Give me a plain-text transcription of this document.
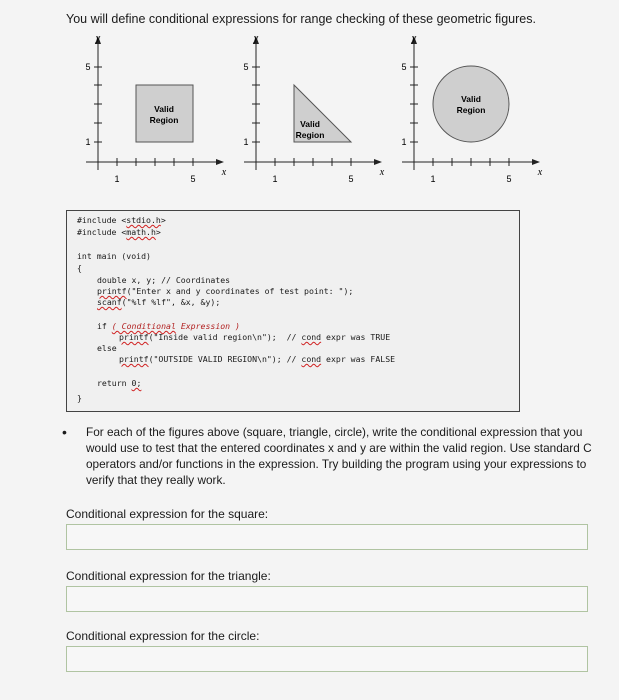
You will define conditional expressions for range checking of these geometric figures.
Valid
Region
y
x
5
1
1	5
Valid
Region
y
x
5
1
1	5
Valid
Region
y
x
5
1
1	5
#include <stdio.h>
#include <math.h>
int main (void)
{
double x, y; // Coordinates
printf("Enter x and y coordinates of test point: ");
scanf("%lf %lf", &x, &y);
if ( Conditional Expression )
printf("Inside valid region\n");  // cond expr was TRUE
else
printf("OUTSIDE VALID REGION\n"); // cond expr was FALSE
return 0;
}
• For each of the figures above (square, triangle, circle), write the conditional expression that you would use to test that the entered coordinates x and y are within the valid region. Use standard C operators and/or functions in the expression. Try building the program using your expressions to verify that they really work.
Conditional expression for the square:
Conditional expression for the triangle:
Conditional expression for the circle:
